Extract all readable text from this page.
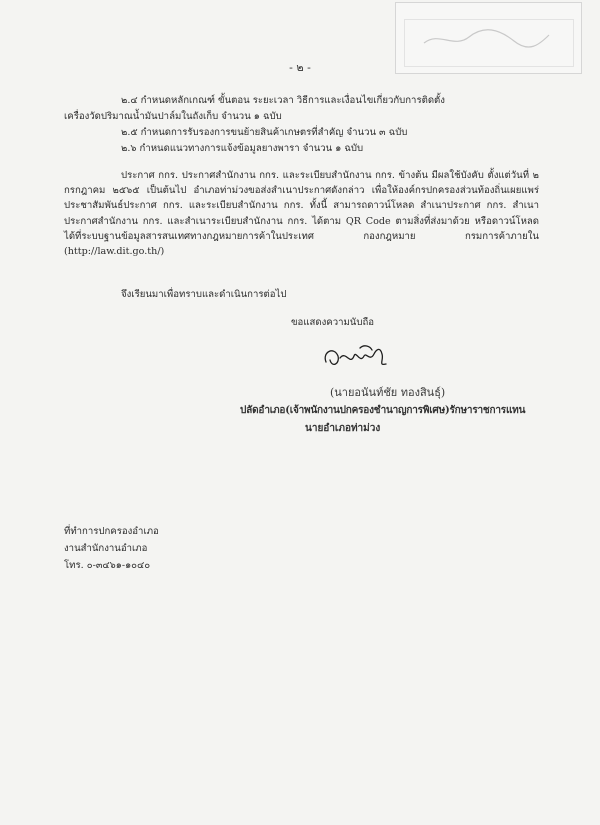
- ๒ -
๒.๔ กำหนดหลักเกณฑ์ ขั้นตอน ระยะเวลา วิธีการและเงื่อนไขเกี่ยวกับการติดตั้ง
เครื่องวัดปริมาณน้ำมันปาล์มในถังเก็บ จำนวน ๑ ฉบับ
๒.๕ กำหนดการรับรองการขนย้ายสินค้าเกษตรที่สำคัญ จำนวน ๓ ฉบับ
๒.๖ กำหนดแนวทางการแจ้งข้อมูลยางพารา จำนวน ๑ ฉบับ
ประกาศ กกร. ประกาศสำนักงาน กกร. และระเบียบสำนักงาน กกร. ข้างต้น มีผลใช้บังคับ ตั้งแต่วันที่ ๒ กรกฎาคม ๒๕๖๕ เป็นต้นไป อำเภอท่าม่วงขอส่งสำเนาประกาศดังกล่าว เพื่อให้องค์กรปกครองส่วนท้องถิ่นเผยแพร่ประชาสัมพันธ์ประกาศ กกร. และระเบียบสำนักงาน กกร. ทั้งนี้ สามารถดาวน์โหลด สำเนาประกาศ กกร. สำเนาประกาศสำนักงาน กกร. และสำเนาระเบียบสำนักงาน กกร. ได้ตาม QR Code ตามสิ่งที่ส่งมาด้วย หรือดาวน์โหลดได้ที่ระบบฐานข้อมูลสารสนเทศทางกฎหมายการค้าในประเทศ กองกฎหมาย กรมการค้าภายใน (http://law.dit.go.th/)
จึงเรียนมาเพื่อทราบและดำเนินการต่อไป
ขอแสดงความนับถือ
(นายอนันท์ชัย ทองสินธุ์)
ปลัดอำเภอ(เจ้าพนักงานปกครองชำนาญการพิเศษ)รักษาราชการแทน
นายอำเภอท่าม่วง
ที่ทำการปกครองอำเภอ
งานสำนักงานอำเภอ
โทร. ๐-๓๔๖๑-๑๐๔๐
